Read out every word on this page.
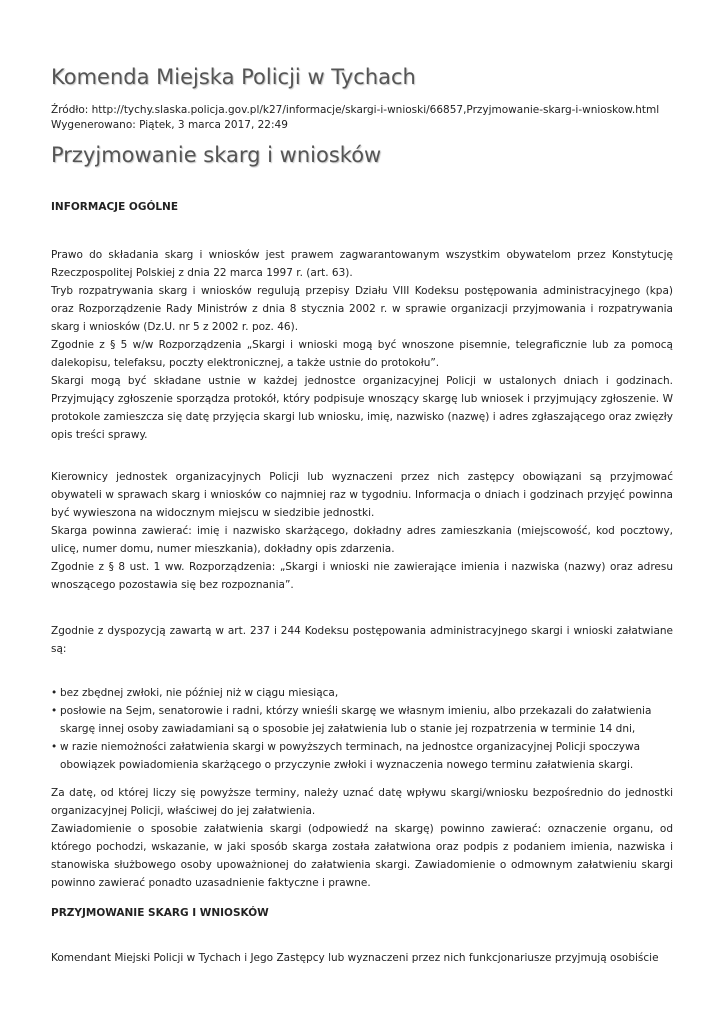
Komenda Miejska Policji w Tychach
Źródło: http://tychy.slaska.policja.gov.pl/k27/informacje/skargi-i-wnioski/66857,Przyjmowanie-skarg-i-wnioskow.html
Wygenerowano: Piątek, 3 marca 2017, 22:49
Przyjmowanie skarg i wniosków
INFORMACJE OGÓLNE

Prawo do składania skarg i wniosków jest prawem zagwarantowanym wszystkim obywatelom przez Konstytucję Rzeczpospolitej Polskiej z dnia 22 marca 1997 r. (art. 63).

Tryb rozpatrywania skarg i wniosków regulują przepisy Działu VIII Kodeksu postępowania administracyjnego (kpa) oraz Rozporządzenie Rady Ministrów z dnia 8 stycznia 2002 r. w sprawie organizacji przyjmowania i rozpatrywania skarg i wniosków (Dz.U. nr 5 z 2002 r. poz. 46).

Zgodnie z § 5 w/w Rozporządzenia „Skargi i wnioski mogą być wnoszone pisemnie, telegraficznie lub za pomocą dalekopisu, telefaksu, poczty elektronicznej, a także ustnie do protokołu”.

Skargi mogą być składane ustnie w każdej jednostce organizacyjnej Policji w ustalonych dniach i godzinach. Przyjmujący zgłoszenie sporządza protokół, który podpisuje wnoszący skargę lub wniosek i przyjmujący zgłoszenie. W protokole zamieszcza się datę przyjęcia skargi lub wniosku, imię, nazwisko (nazwę) i adres zgłaszającego oraz zwięzły opis treści sprawy.

Kierownicy jednostek organizacyjnych Policji lub wyznaczeni przez nich zastępcy obowiązani są przyjmować obywateli w sprawach skarg i wniosków co najmniej raz w tygodniu. Informacja o dniach i godzinach przyjęć powinna być wywieszona na widocznym miejscu w siedzibie jednostki.

Skarga powinna zawierać: imię i nazwisko skarżącego, dokładny adres zamieszkania (miejscowość, kod pocztowy, ulicę, numer domu, numer mieszkania), dokładny opis zdarzenia.

Zgodnie z § 8 ust. 1 ww. Rozporządzenia: „Skargi i wnioski nie zawierające imienia i nazwiska (nazwy) oraz adresu wnoszącego pozostawia się bez rozpoznania”.

Zgodnie z dyspozycją zawartą w art. 237 i 244 Kodeksu postępowania administracyjnego skargi i wnioski załatwiane są:
• bez zbędnej zwłoki, nie później niż w ciągu miesiąca,
• posłowie na Sejm, senatorowie i radni, którzy wnieśli skargę we własnym imieniu, albo przekazali do załatwienia skargę innej osoby zawiadamiani są o sposobie jej załatwienia lub o stanie jej rozpatrzenia w terminie 14 dni,
• w razie niemożności załatwienia skargi w powyższych terminach, na jednostce organizacyjnej Policji spoczywa obowiązek powiadomienia skarżącego o przyczynie zwłoki i wyznaczenia nowego terminu załatwienia skargi.

Za datę, od której liczy się powyższe terminy, należy uznać datę wpływu skargi/wniosku bezpośrednio do jednostki organizacyjnej Policji, właściwej do jej załatwienia.

Zawiadomienie o sposobie załatwienia skargi (odpowiedź na skargę) powinno zawierać: oznaczenie organu, od którego pochodzi, wskazanie, w jaki sposób skarga została załatwiona oraz podpis z podaniem imienia, nazwiska i stanowiska służbowego osoby upoważnionej do załatwienia skargi. Zawiadomienie o odmownym załatwieniu skargi powinno zawierać ponadto uzasadnienie faktyczne i prawne.

PRZYJMOWANIE SKARG I WNIOSKÓW
Komendant Miejski Policji w Tychach i Jego Zastępcy lub wyznaczeni przez nich funkcjonariusze przyjmują osobiście
